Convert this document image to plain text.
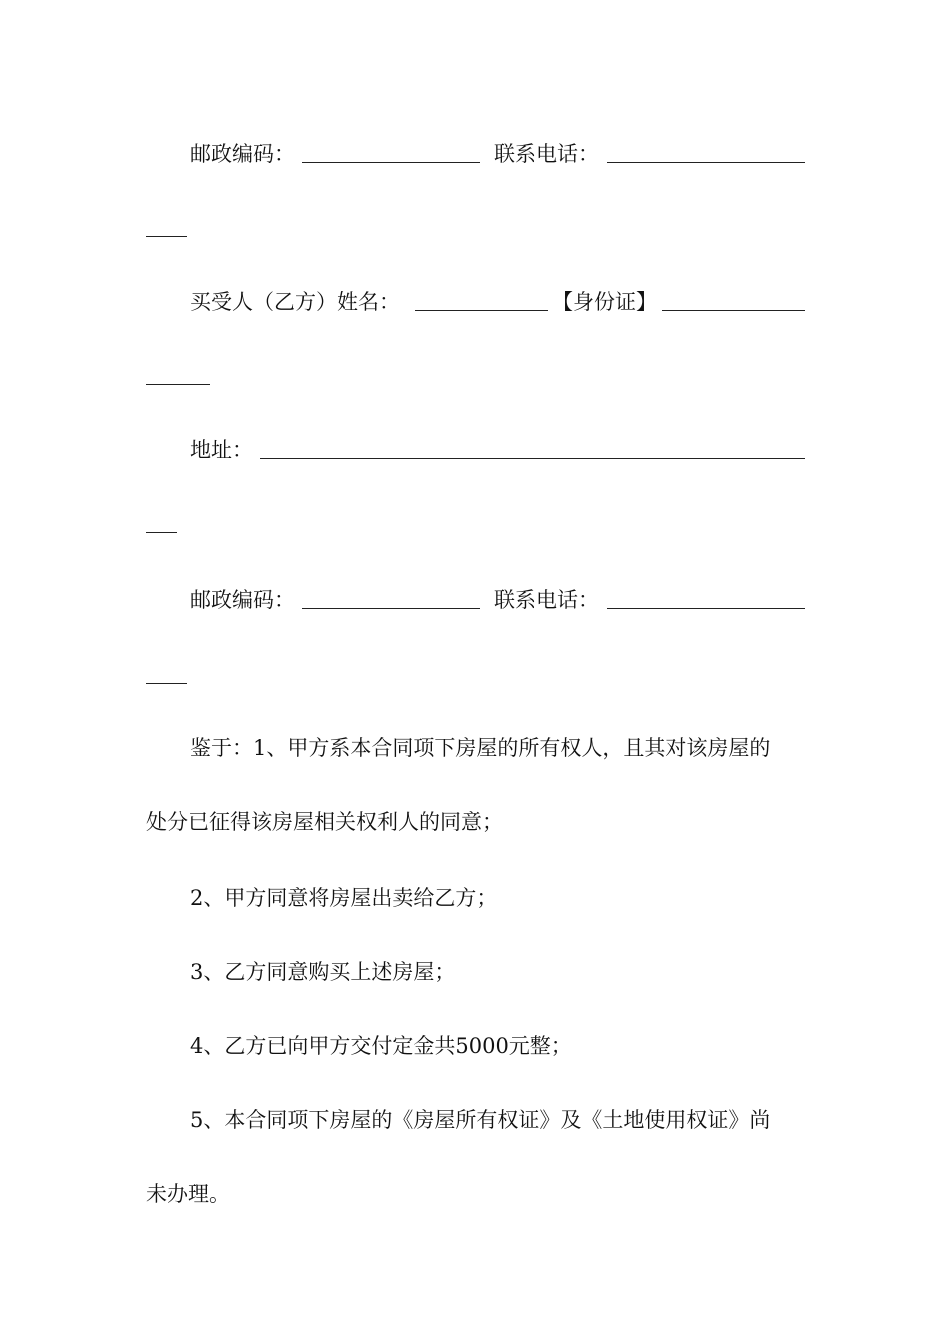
邮政编码：	联系电话：
买受人（乙方）姓名：	【身份证】
地址：
邮政编码：	联系电话：
鉴于：1、甲方系本合同项下房屋的所有权人，且其对该房屋的
处分已征得该房屋相关权利人的同意；
2、甲方同意将房屋出卖给乙方；
3、乙方同意购买上述房屋；
4、乙方已向甲方交付定金共5000元整；
5、本合同项下房屋的《房屋所有权证》及《土地使用权证》尚
未办理。
